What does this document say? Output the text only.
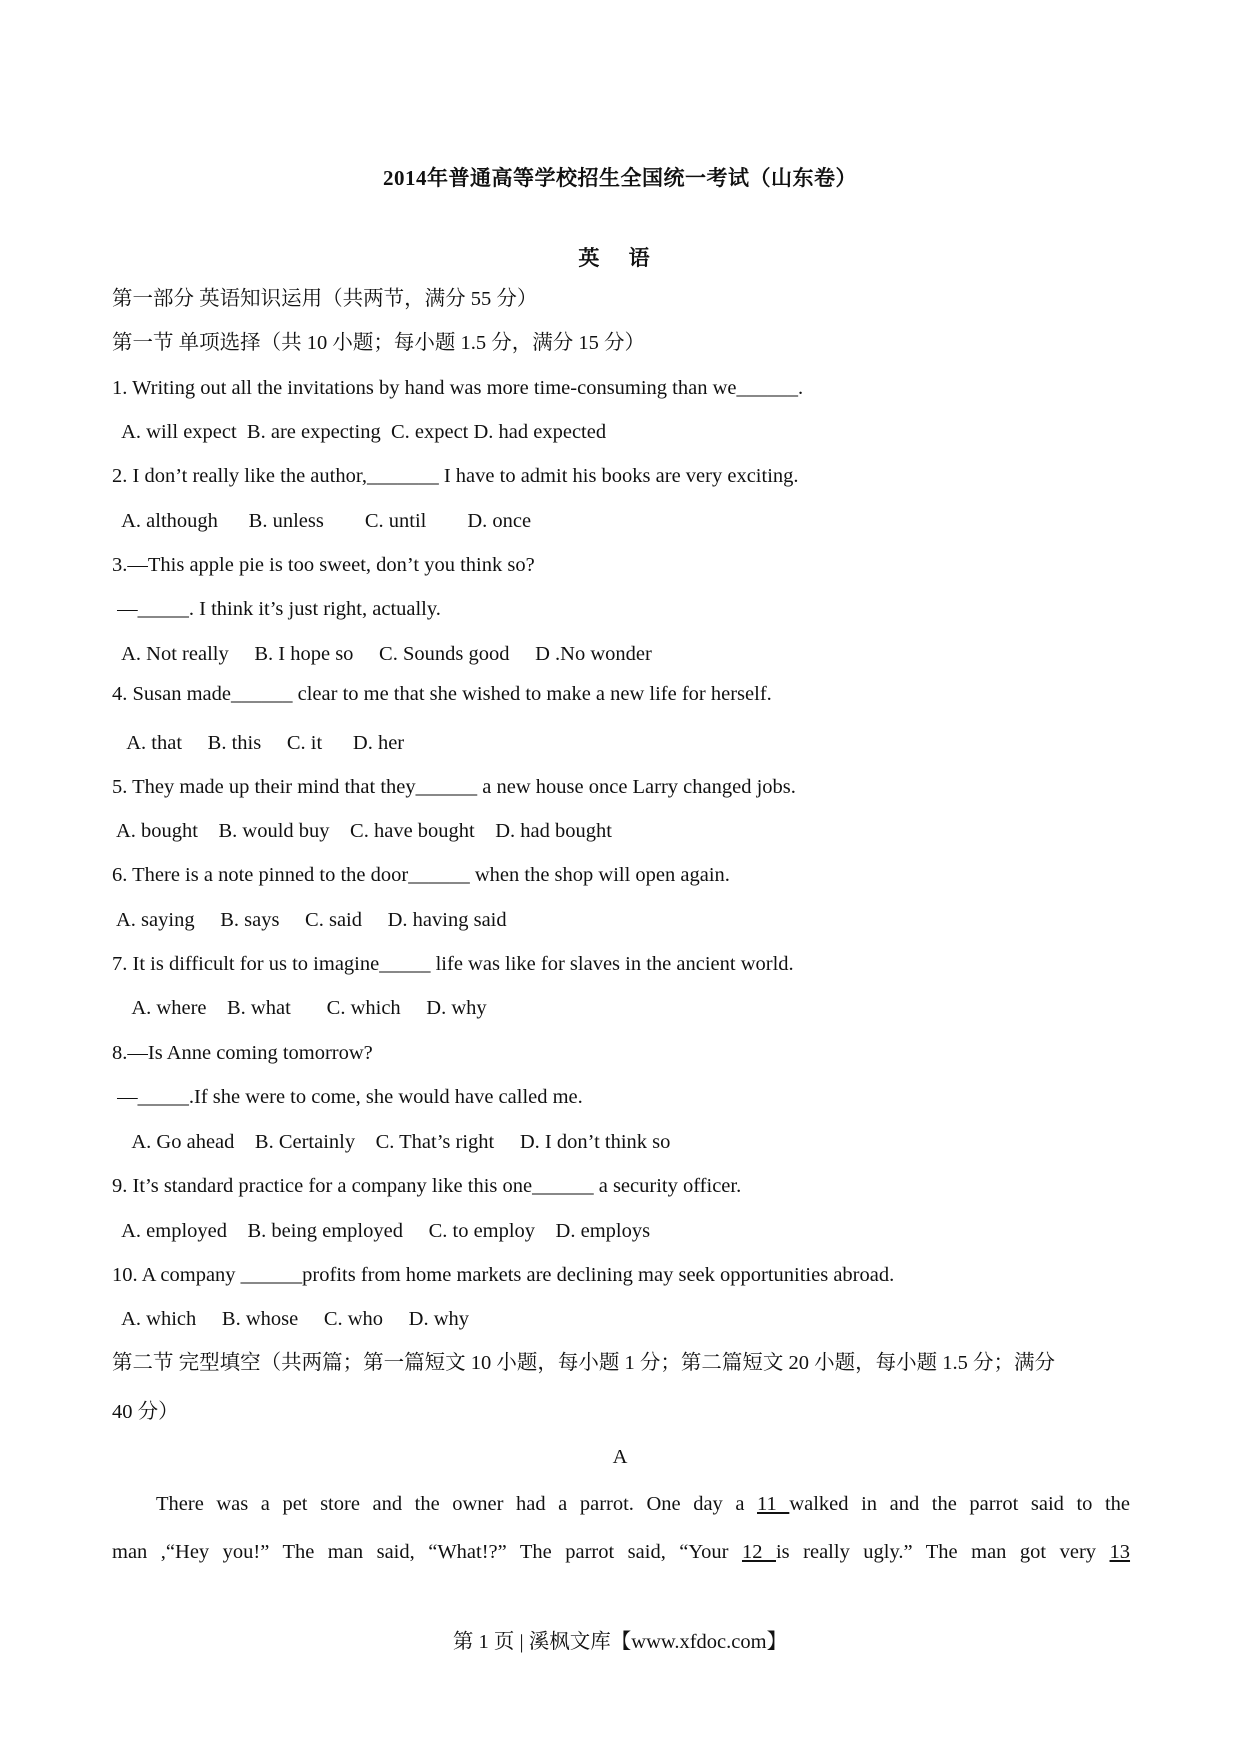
2014年普通高等学校招生全国统一考试（山东卷）
英 语
第一部分 英语知识运用（共两节，满分 55 分）
第一节 单项选择（共 10 小题；每小题 1.5 分，满分 15 分）
1. Writing out all the invitations by hand was more time-consuming than we______.
A. will expect  B. are expecting  C. expect D. had expected
2. I don’t really like the author,_______ I have to admit his books are very exciting.
A. although      B. unless        C. until        D. once
3.—This apple pie is too sweet, don’t you think so?
—_____. I think it’s just right, actually.
A. Not really     B. I hope so     C. Sounds good     D .No wonder
4. Susan made______ clear to me that she wished to make a new life for herself.
A. that     B. this     C. it      D. her
5. They made up their mind that they______ a new house once Larry changed jobs.
A. bought    B. would buy    C. have bought    D. had bought
6. There is a note pinned to the door______ when the shop will open again.
A. saying     B. says     C. said     D. having said
7. It is difficult for us to imagine_____ life was like for slaves in the ancient world.
A. where    B. what       C. which     D. why
8.—Is Anne coming tomorrow?
—_____.If she were to come, she would have called me.
A. Go ahead    B. Certainly    C. That’s right     D. I don’t think so
9. It’s standard practice for a company like this one______ a security officer.
A. employed    B. being employed     C. to employ    D. employs
10. A company ______profits from home markets are declining may seek opportunities abroad.
A. which     B. whose     C. who     D. why
第二节 完型填空（共两篇；第一篇短文 10 小题，每小题 1 分；第二篇短文 20 小题，每小题 1.5 分；满分
40 分）
A
There was a pet store and the owner had a parrot. One day a 11 walked in and the parrot said to the
man ,“Hey you!” The man said, “What!?” The parrot said, “Your 12 is really ugly.” The man got very 13
第 1 页 | 溪枫文库【www.xfdoc.com】
